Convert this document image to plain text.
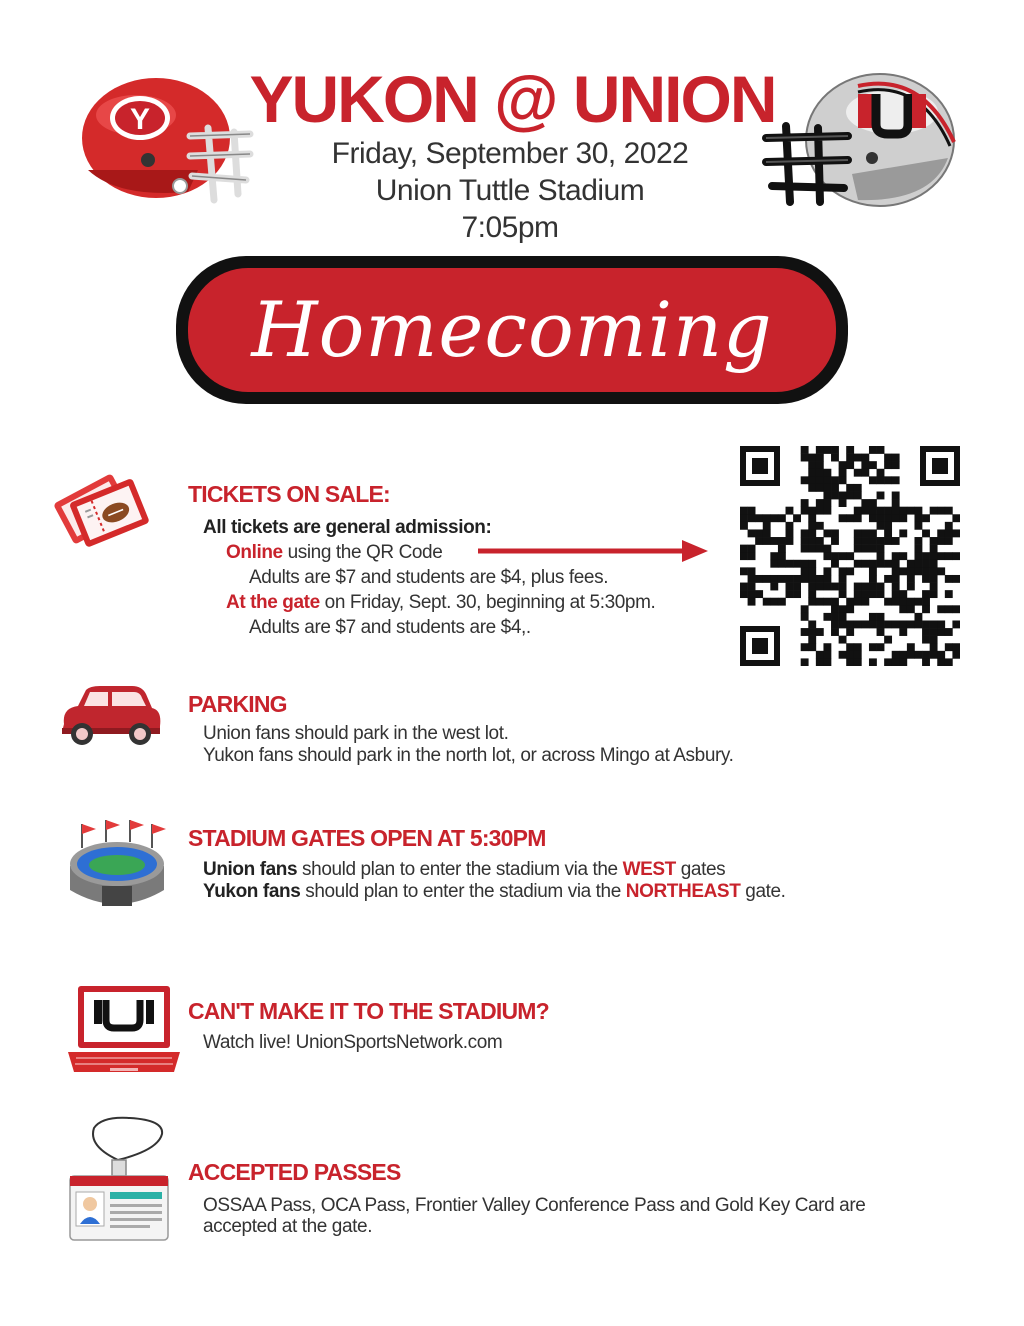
Y YUKON @ UNION
Friday, September 30, 2022
Union Tuttle Stadium
7:05pm
Homecoming '22
TICKETS ON SALE:
All tickets are general admission:
Online using the QR Code
Adults are $7 and students are $4, plus fees.
At the gate on Friday, Sept. 30, beginning at 5:30pm.
Adults are $7 and students are $4,.
PARKING
Union fans should park in the west lot.
Yukon fans should park in the north lot, or across Mingo at Asbury.
STADIUM GATES OPEN AT 5:30PM
Union fans should plan to enter the stadium via the WEST gates
Yukon fans should plan to enter the stadium via the NORTHEAST gate.
CAN'T MAKE IT TO THE STADIUM?
Watch live! UnionSportsNetwork.com
ACCEPTED PASSES
OSSAA Pass, OCA Pass, Frontier Valley Conference Pass and Gold Key Card are
accepted at the gate.
